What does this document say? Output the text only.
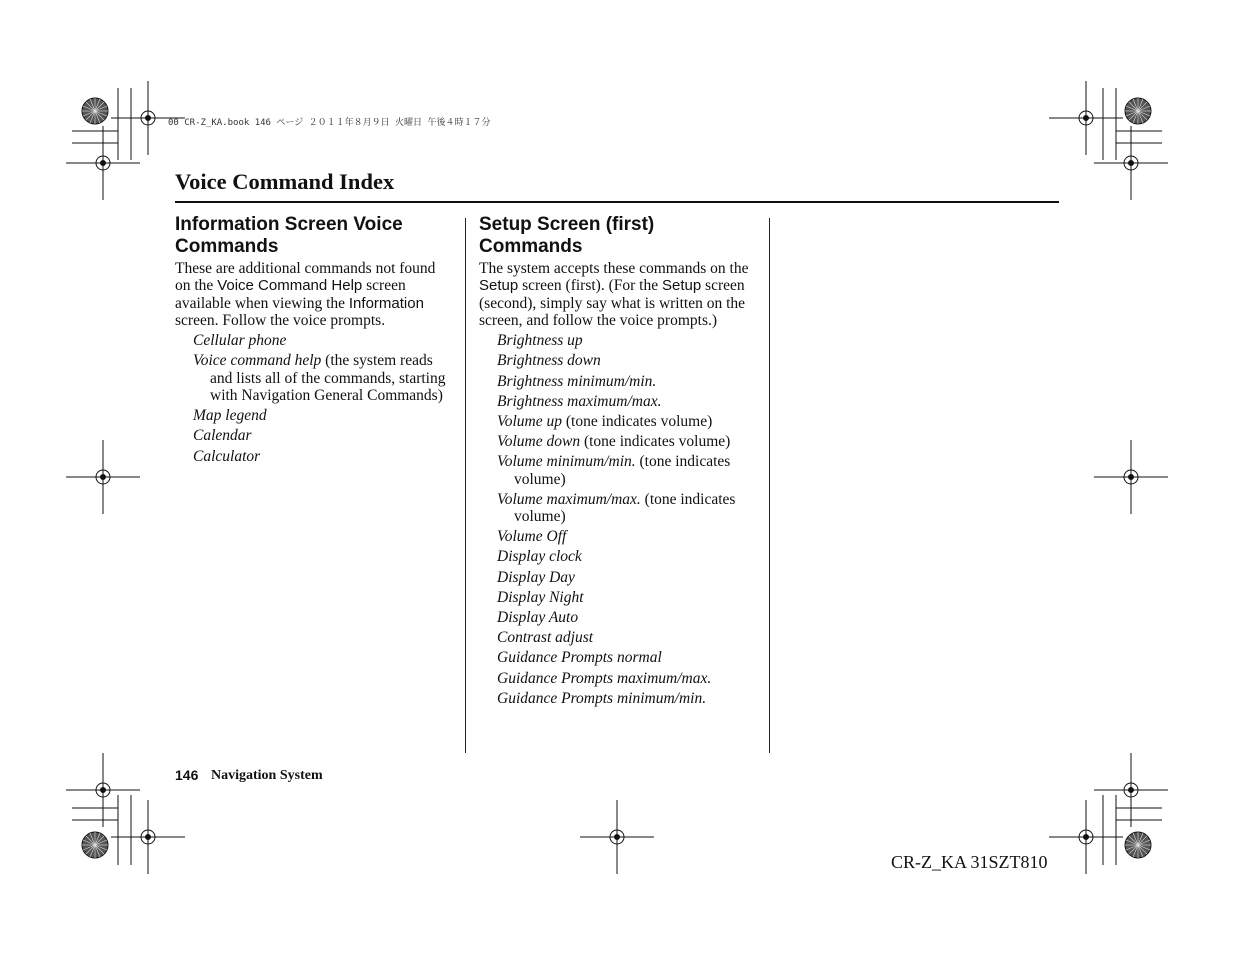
00 CR-Z_KA.book 146 ページ ２０１１年８月９日 火曜日 午後４時１７分
Voice Command Index
Information Screen Voice Commands

These are additional commands not found on the Voice Command Help screen available when viewing the Information screen. Follow the voice prompts.

Cellular phone
Voice command help (the system reads and lists all of the commands, starting with Navigation General Commands)
Map legend
Calendar
Calculator
Setup Screen (first) Commands

The system accepts these commands on the Setup screen (first). (For the Setup screen (second), simply say what is written on the screen, and follow the voice prompts.)

Brightness up
Brightness down
Brightness minimum/min.
Brightness maximum/max.
Volume up (tone indicates volume)
Volume down (tone indicates volume)
Volume minimum/min. (tone indicates volume)
Volume maximum/max. (tone indicates volume)
Volume Off
Display clock
Display Day
Display Night
Display Auto
Contrast adjust
Guidance Prompts normal
Guidance Prompts maximum/max.
Guidance Prompts minimum/min.
146 Navigation System
CR-Z_KA 31SZT810
